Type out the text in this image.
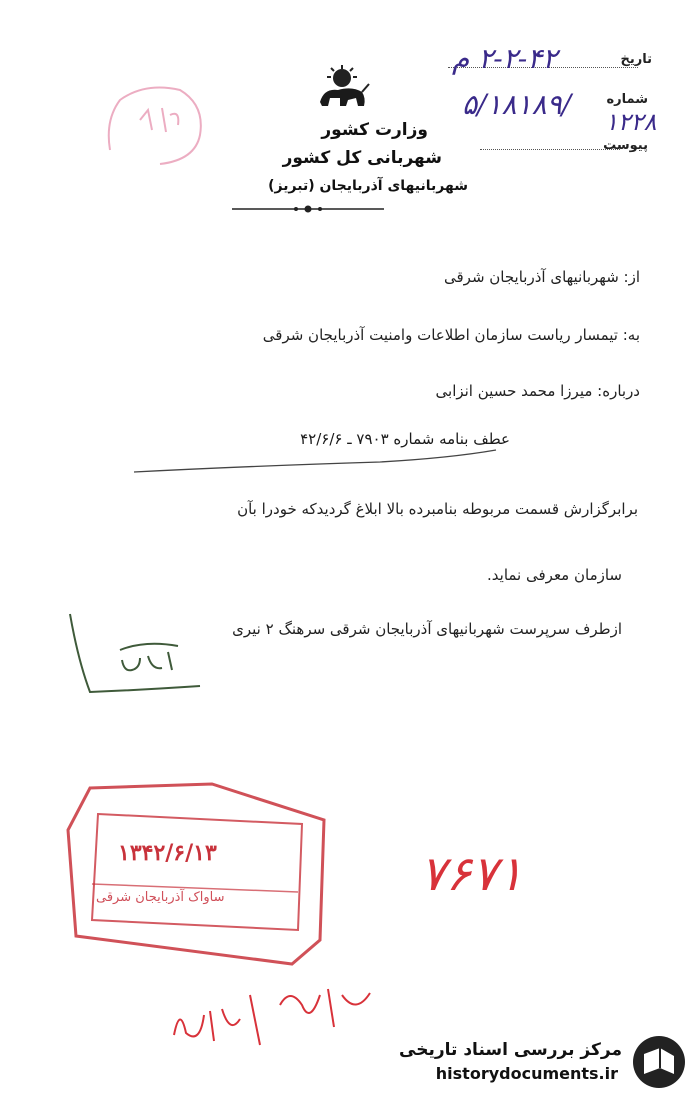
وزارت کشور
شهربانی کل کشور
شهربانیهای آذربایجان (تبریز)
تاریخ
۲-۲-۴۲ م
شماره
۵/۱۸۱۸۹/
۱۲۲۸
پیوست
از: شهربانیهای آذربایجان شرقی
به: تیمسار ریاست سازمان اطلاعات وامنیت آذربایجان شرقی
درباره: میرزا محمد حسین انزابی
عطف بنامه شماره ۷۹۰۳ ـ ۴۲/۶/۶
برابرگزارش قسمت مربوطه بنامبرده بالا ابلاغ گردیدکه خودرا بآن
سازمان معرفی نماید.
ازطرف سرپرست شهربانیهای آذربایجان شرقی سرهنگ ۲ نیری
۱۳۴۲/۶/۱۳
ساواک آذربایجان شرقی	۷۶۷۱
مرکز بررسی اسناد تاریخی
historydocuments.ir
